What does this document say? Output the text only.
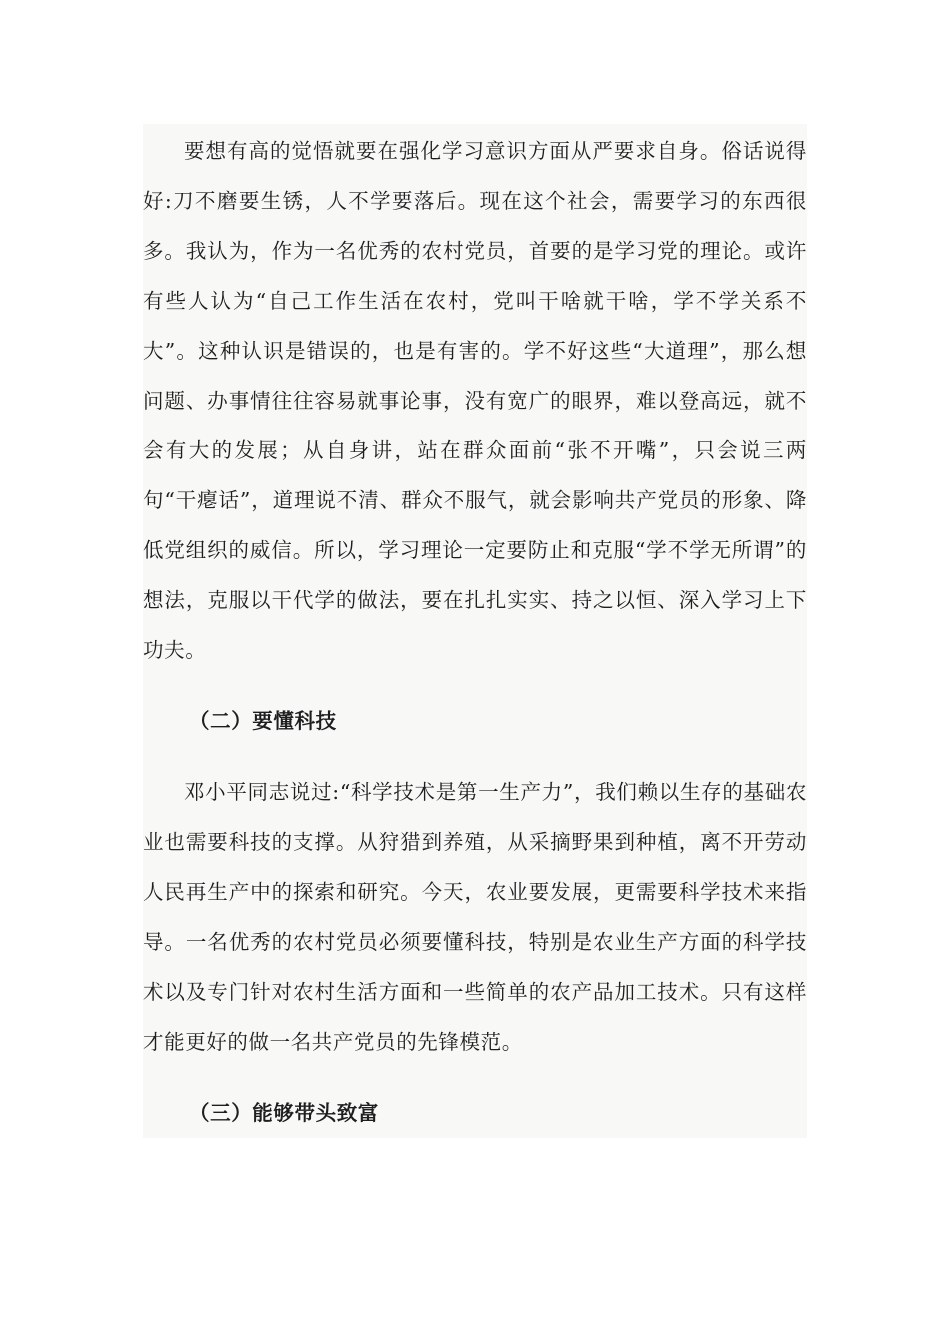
要想有高的觉悟就要在强化学习意识方面从严要求自身。俗话说得好:刀不磨要生锈，人不学要落后。现在这个社会，需要学习的东西很多。我认为，作为一名优秀的农村党员，首要的是学习党的理论。或许有些人认为“自己工作生活在农村，党叫干啥就干啥，学不学关系不大”。这种认识是错误的，也是有害的。学不好这些“大道理”，那么想问题、办事情往往容易就事论事，没有宽广的眼界，难以登高远，就不会有大的发展；从自身讲，站在群众面前“张不开嘴”，只会说三两句“干瘪话”，道理说不清、群众不服气，就会影响共产党员的形象、降低党组织的威信。所以，学习理论一定要防止和克服“学不学无所谓”的想法，克服以干代学的做法，要在扎扎实实、持之以恒、深入学习上下功夫。

（二）要懂科技

邓小平同志说过:“科学技术是第一生产力”，我们赖以生存的基础农业也需要科技的支撑。从狩猎到养殖，从采摘野果到种植，离不开劳动人民再生产中的探索和研究。今天，农业要发展，更需要科学技术来指导。一名优秀的农村党员必须要懂科技，特别是农业生产方面的科学技术以及专门针对农村生活方面和一些简单的农产品加工技术。只有这样才能更好的做一名共产党员的先锋模范。

（三）能够带头致富
